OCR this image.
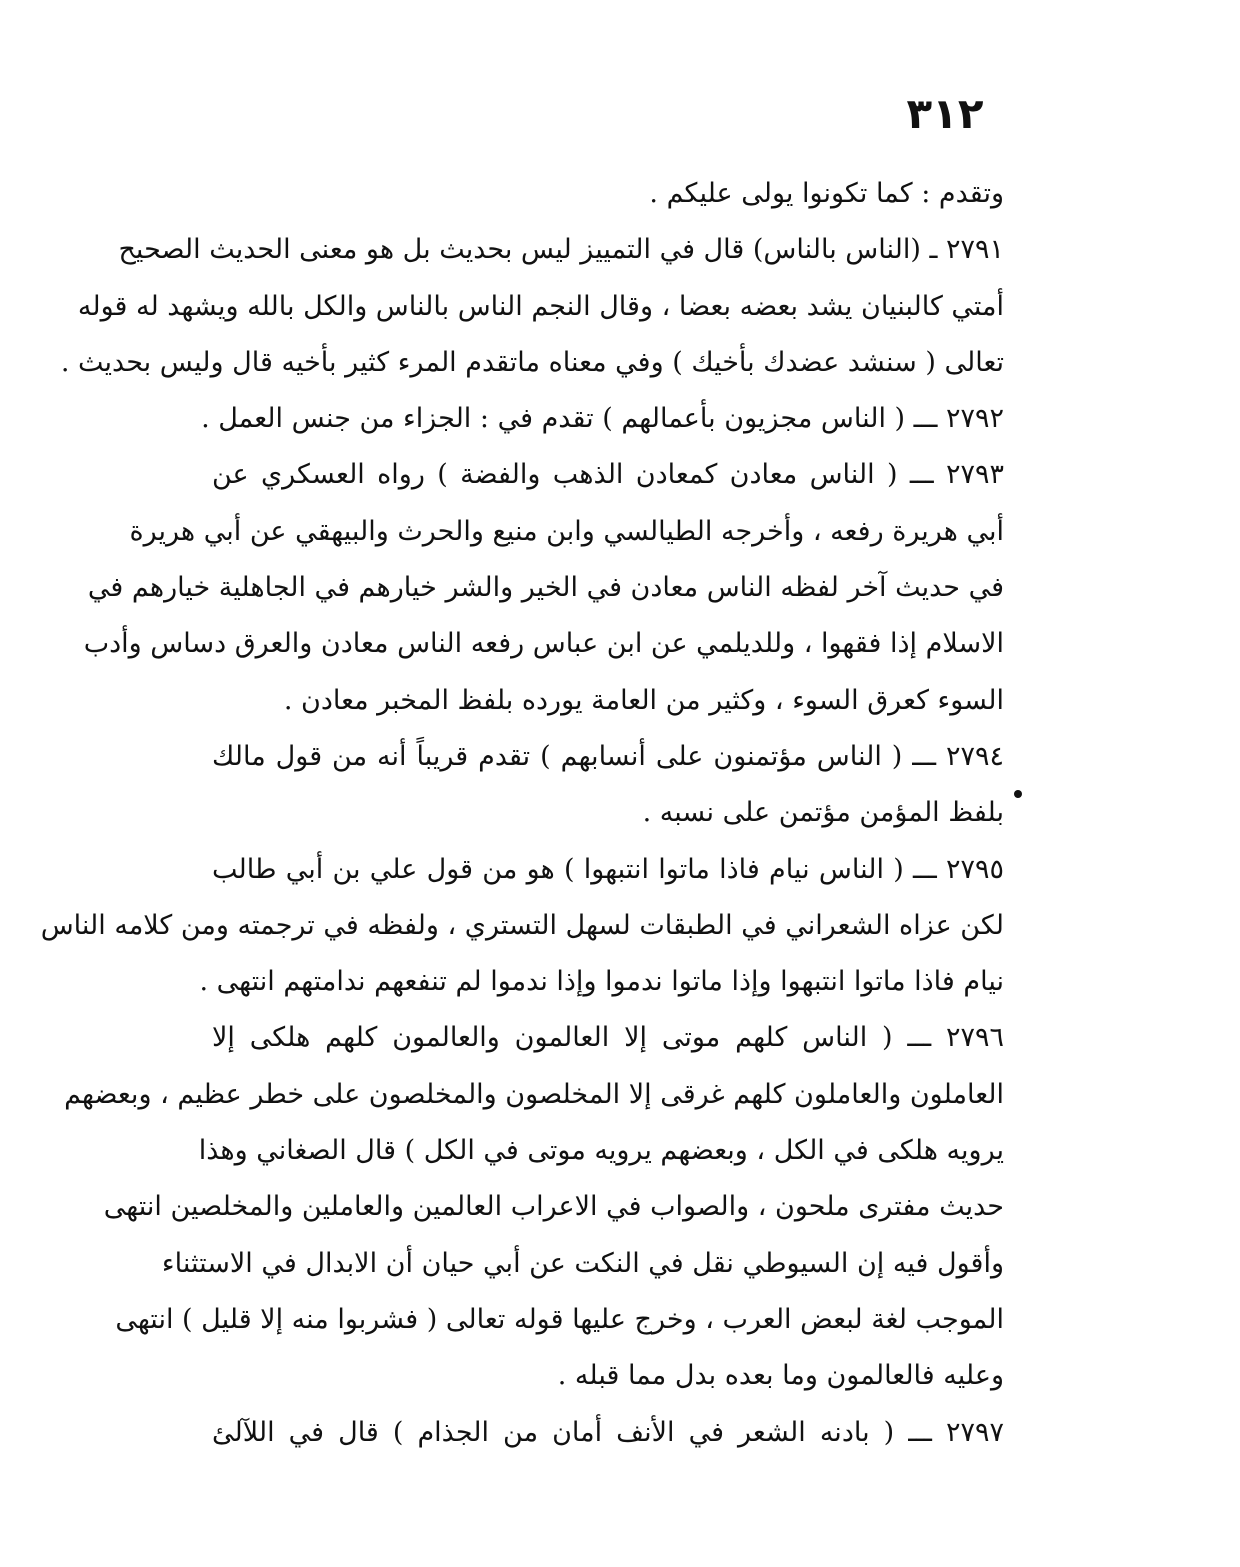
٣١٢
وتقدم : كما تكونوا يولى عليكم .
٢٧٩١ ـ (الناس بالناس) قال في التمييز ليس بحديث بل هو معنى الحديث الصحيح
أمتي كالبنيان يشد بعضه بعضا ، وقال النجم الناس بالناس والكل بالله ويشهد له قوله
تعالى ( سنشد عضدك بأخيك ) وفي معناه ماتقدم المرء كثير بأخيه قال وليس بحديث .
٢٧٩٢ ـــ ( الناس مجزيون بأعمالهم ) تقدم في : الجزاء من جنس العمل .
٢٧٩٣ ـــ ( الناس معادن كمعادن الذهب والفضة ) رواه العسكري عن
أبي هريرة رفعه ، وأخرجه الطيالسي وابن منيع والحرث والبيهقي عن أبي هريرة
في حديث آخر لفظه الناس معادن في الخير والشر خيارهم في الجاهلية خيارهم في
الاسلام إذا فقهوا ، وللديلمي عن ابن عباس رفعه الناس معادن والعرق دساس وأدب
السوء كعرق السوء ، وكثير من العامة يورده بلفظ المخبر معادن .
٢٧٩٤ ـــ ( الناس مؤتمنون على أنسابهم ) تقدم قريباً أنه من قول مالك
بلفظ المؤمن مؤتمن على نسبه .
٢٧٩٥ ـــ ( الناس نيام فاذا ماتوا انتبهوا ) هو من قول علي بن أبي طالب
لكن عزاه الشعراني في الطبقات لسهل التستري ، ولفظه في ترجمته ومن كلامه الناس
نيام فاذا ماتوا انتبهوا وإذا ماتوا ندموا وإذا ندموا لم تنفعهم ندامتهم انتهى .
٢٧٩٦ ـــ ( الناس كلهم موتى إلا العالمون والعالمون كلهم هلكى إلا
العاملون والعاملون كلهم غرقى إلا المخلصون والمخلصون على خطر عظيم ، وبعضهم
يرويه هلكى في الكل ، وبعضهم يرويه موتى في الكل ) قال الصغاني وهذا
حديث مفترى ملحون ، والصواب في الاعراب العالمين والعاملين والمخلصين انتهى
وأقول فيه إن السيوطي نقل في النكت عن أبي حيان أن الابدال في الاستثناء
الموجب لغة لبعض العرب ، وخرج عليها قوله تعالى ( فشربوا منه إلا قليل ) انتهى
وعليه فالعالمون وما بعده بدل مما قبله .
٢٧٩٧ ـــ ( بادنه الشعر في الأنف أمان من الجذام ) قال في اللآلئ
